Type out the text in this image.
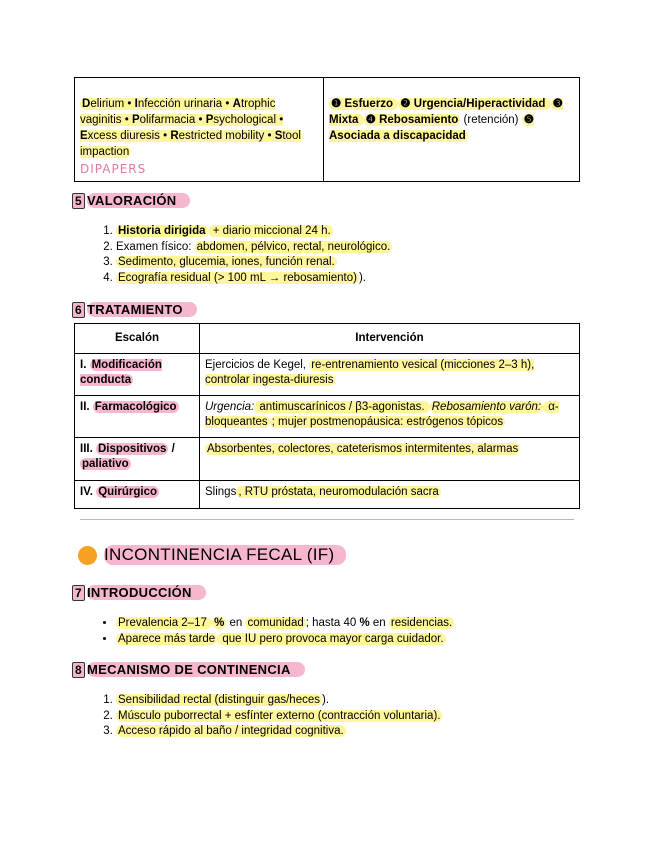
Delirium • Infección urinaria • Atrophic vaginitis • Polifarmacia • Psychological • Excess diuresis • Restricted mobility • Stool impaction
DIPAPERS

❶ Esfuerzo ❷ Urgencia/Hiperactividad ❸ Mixta ❹ Rebosamiento (retención) ❺ Asociada a discapacidad
5 VALORACIÓN
1. Historia dirigida + diario miccional 24 h.
2. Examen físico: abdomen, pélvico, rectal, neurológico.
3. Sedimento, glucemia, iones, función renal.
4. Ecografía residual (> 100 mL → rebosamiento) ).
6 TRATAMIENTO
Escalón	Intervención
I. Modificación conducta	Ejercicios de Kegel, re-entrenamiento vesical (micciones 2–3 h), controlar ingesta-diuresis
II. Farmacológico	Urgencia: antimuscarínicos / β3-agonistas. Rebosamiento varón: α-bloqueantes ; mujer postmenopáusica: estrógenos tópicos
III. Dispositivos / paliativo	Absorbentes, colectores, cateterismos intermitentes, alarmas
IV. Quirúrgico	Slings , RTU próstata, neuromodulación sacra
INCONTINENCIA FECAL (IF)
7 INTRODUCCIÓN
• Prevalencia 2–17 % en comunidad ; hasta 40 % en residencias.
• Aparece más tarde que IU pero provoca mayor carga cuidador.
8 MECANISMO DE CONTINENCIA
1. Sensibilidad rectal (distinguir gas/heces ).
2. Músculo puborrectal + esfínter externo (contracción voluntaria).
3. Acceso rápido al baño / integridad cognitiva.
